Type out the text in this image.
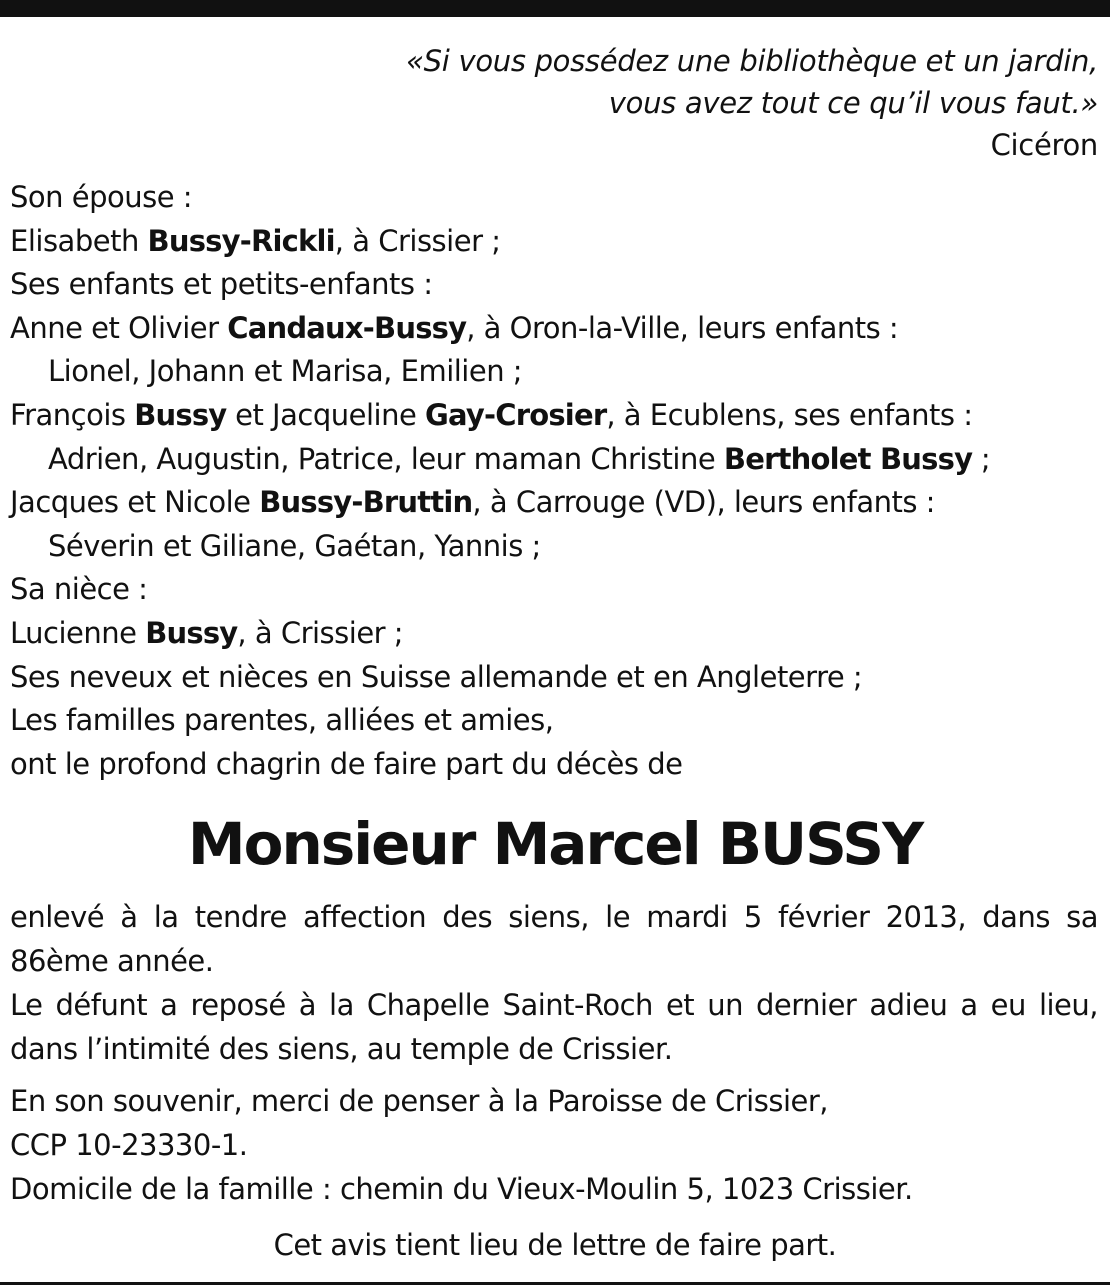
«Si vous possédez une bibliothèque et un jardin,
vous avez tout ce qu’il vous faut.»
Cicéron
Son épouse :
Elisabeth Bussy-Rickli, à Crissier ;
Ses enfants et petits-enfants :
Anne et Olivier Candaux-Bussy, à Oron-la-Ville, leurs enfants :
Lionel, Johann et Marisa, Emilien ;
François Bussy et Jacqueline Gay-Crosier, à Ecublens, ses enfants :
Adrien, Augustin, Patrice, leur maman Christine Bertholet Bussy ;
Jacques et Nicole Bussy-Bruttin, à Carrouge (VD), leurs enfants :
Séverin et Giliane, Gaétan, Yannis ;
Sa nièce :
Lucienne Bussy, à Crissier ;
Ses neveux et nièces en Suisse allemande et en Angleterre ;
Les familles parentes, alliées et amies,
ont le profond chagrin de faire part du décès de
Monsieur Marcel BUSSY

enlevé à la tendre affection des siens, le mardi 5 février 2013, dans sa 86ème année.

Le défunt a reposé à la Chapelle Saint-Roch et un dernier adieu a eu lieu, dans l’intimité des siens, au temple de Crissier.

En son souvenir, merci de penser à la Paroisse de Crissier,
CCP 10-23330-1.

Domicile de la famille : chemin du Vieux-Moulin 5, 1023 Crissier.

Cet avis tient lieu de lettre de faire part.
